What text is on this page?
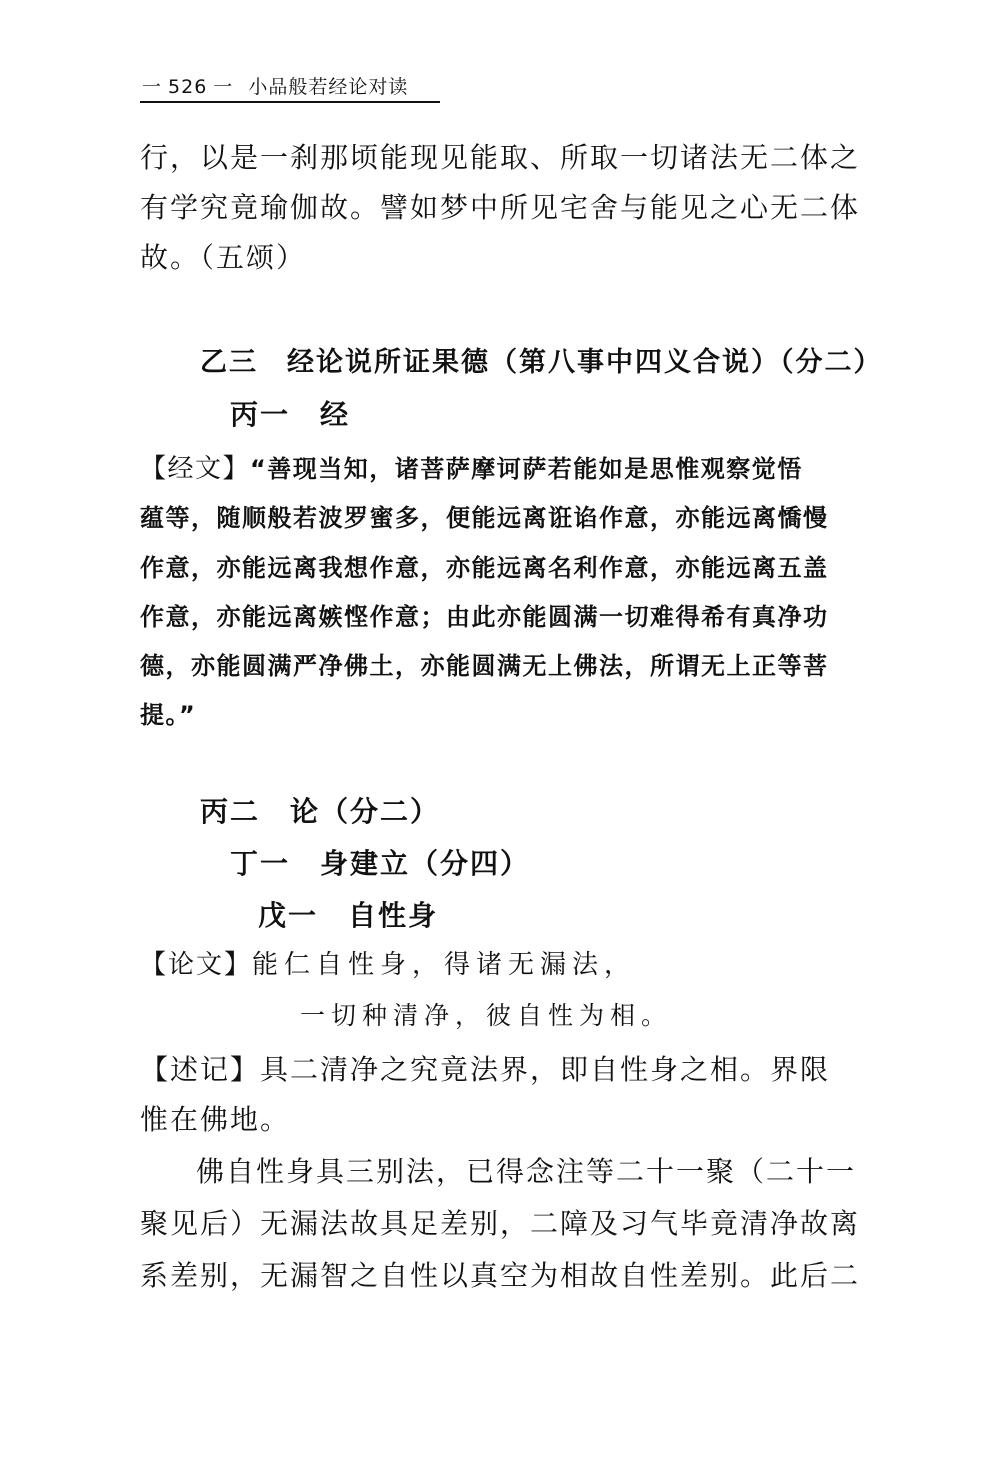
一 526 一 小品般若经论对读
行，以是一刹那顷能现见能取、所取一切诸法无二体之
有学究竟瑜伽故。譬如梦中所见宅舍与能见之心无二体
故。（五颂）
乙三　经论说所证果德（第八事中四义合说）（分二）
丙一　经
【经文】“善现当知，诸菩萨摩诃萨若能如是思惟观察觉悟
蕴等，随顺般若波罗蜜多，便能远离诳谄作意，亦能远离憍慢
作意，亦能远离我想作意，亦能远离名利作意，亦能远离五盖
作意，亦能远离嫉悭作意；由此亦能圆满一切难得希有真净功
德，亦能圆满严净佛土，亦能圆满无上佛法，所谓无上正等菩
提。”
丙二　论（分二）
丁一　身建立（分四）
戊一　自性身
【论文】能仁自性身，得诸无漏法，
一切种清净，彼自性为相。
【述记】具二清净之究竟法界，即自性身之相。界限
惟在佛地。
佛自性身具三别法，已得念注等二十一聚（二十一
聚见后）无漏法故具足差别，二障及习气毕竟清净故离
系差别，无漏智之自性以真空为相故自性差别。此后二
